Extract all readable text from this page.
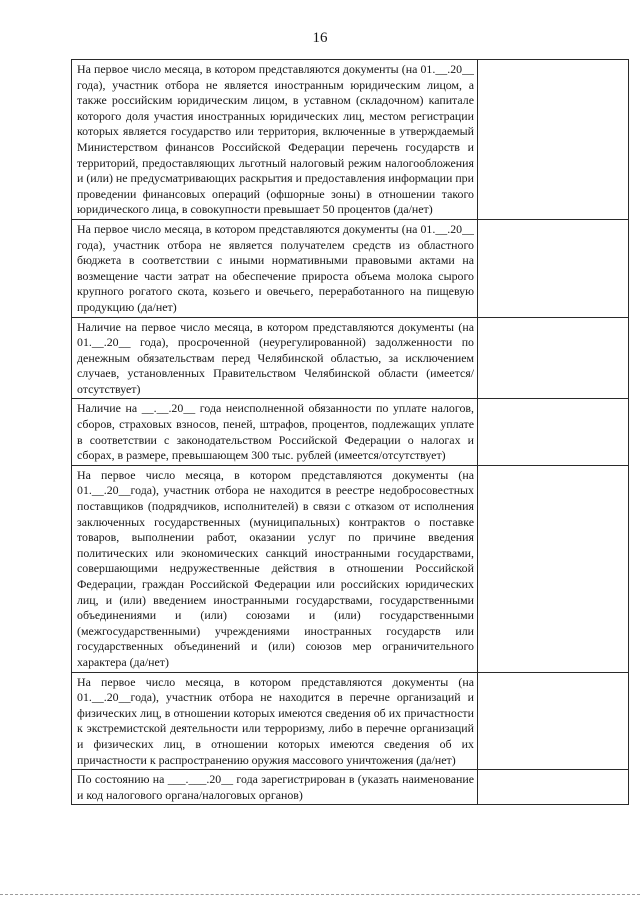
16
На первое число месяца, в котором представляются документы (на 01.__.20__ года), участник отбора не является иностранным юридическим лицом, а также российским юридическим лицом, в уставном (складочном) капитале которого доля участия иностранных юридических лиц, местом регистрации которых является государство или территория, включенные в утверждаемый Министерством финансов Российской Федерации перечень государств и территорий, предоставляющих льготный налоговый режим налогообложения и (или) не предусматривающих раскрытия и предоставления информации при проведении финансовых операций (офшорные зоны) в отношении такого юридического лица, в совокупности превышает 50 процентов (да/нет)	
На первое число месяца, в котором представляются документы (на 01.__.20__ года), участник отбора не является получателем средств из областного бюджета в соответствии с иными нормативными правовыми актами на возмещение части затрат на обеспечение прироста объема молока сырого крупного рогатого скота, козьего и овечьего, переработанного на пищевую продукцию (да/нет)	
Наличие на первое число месяца, в котором представляются документы (на 01.__.20__ года), просроченной (неурегулированной) задолженности по денежным обязательствам перед Челябинской областью, за исключением случаев, установленных Правительством Челябинской области (имеется/отсутствует)	
Наличие на __.__.20__ года неисполненной обязанности по уплате налогов, сборов, страховых взносов, пеней, штрафов, процентов, подлежащих уплате в соответствии с законодательством Российской Федерации о налогах и сборах, в размере, превышающем 300 тыс. рублей (имеется/отсутствует)	
На первое число месяца, в котором представляются документы (на 01.__.20__года), участник отбора не находится в реестре недобросовестных поставщиков (подрядчиков, исполнителей) в связи с отказом от исполнения заключенных государственных (муниципальных) контрактов о поставке товаров, выполнении работ, оказании услуг по причине введения политических или экономических санкций иностранными государствами, совершающими недружественные действия в отношении Российской Федерации, граждан Российской Федерации или российских юридических лиц, и (или) введением иностранными государствами, государственными объединениями и (или) союзами и (или) государственными (межгосударственными) учреждениями иностранных государств или государственных объединений и (или) союзов мер ограничительного характера (да/нет)	
На первое число месяца, в котором представляются документы (на 01.__.20__года), участник отбора не находится в перечне организаций и физических лиц, в отношении которых имеются сведения об их причастности к экстремистской деятельности или терроризму, либо в перечне организаций и физических лиц, в отношении которых имеются сведения об их причастности к распространению оружия массового уничтожения (да/нет)	
По состоянию на ___.___.20__ года зарегистрирован в (указать наименование и код налогового органа/налоговых органов)	
